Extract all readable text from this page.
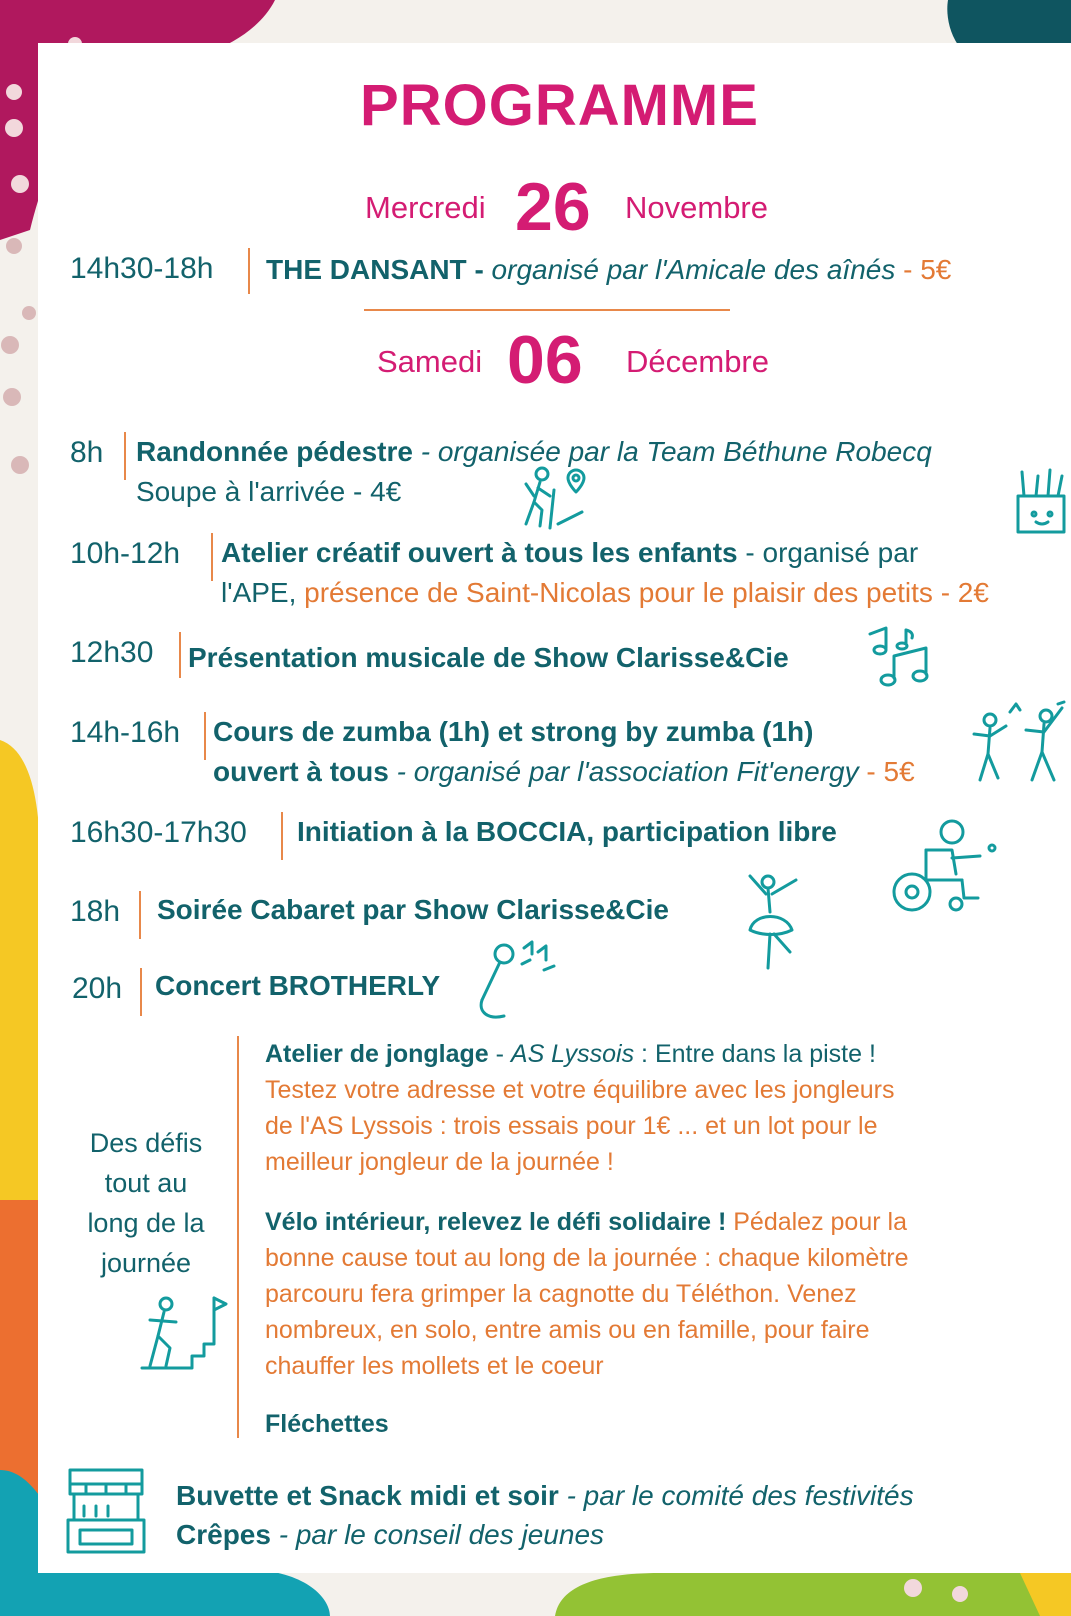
PROGRAMME
Mercredi 26 Novembre
14h30-18h THE DANSANT - organisé par l'Amicale des aînés - 5€
Samedi 06 Décembre
8h Randonnée pédestre - organisée par la Team Béthune Robecq
Soupe à l'arrivée - 4€
10h-12h Atelier créatif ouvert à tous les enfants - organisé par
l'APE, présence de Saint-Nicolas pour le plaisir des petits - 2€
12h30 Présentation musicale de Show Clarisse&Cie
14h-16h Cours de zumba (1h) et strong by zumba (1h)
ouvert à tous - organisé par l'association Fit'energy - 5€
16h30-17h30 Initiation à la BOCCIA, participation libre
18h Soirée Cabaret par Show Clarisse&Cie
20h Concert BROTHERLY
Des défis
tout au
long de la
journée
Atelier de jonglage - AS Lyssois : Entre dans la piste !
Testez votre adresse et votre équilibre avec les jongleurs
de l'AS Lyssois : trois essais pour 1€ ... et un lot pour le
meilleur jongleur de la journée !
Vélo intérieur, relevez le défi solidaire ! Pédalez pour la
bonne cause tout au long de la journée : chaque kilomètre
parcouru fera grimper la cagnotte du Téléthon. Venez
nombreux, en solo, entre amis ou en famille, pour faire
chauffer les mollets et le coeur
Fléchettes
Buvette et Snack midi et soir - par le comité des festivités
Crêpes - par le conseil des jeunes
